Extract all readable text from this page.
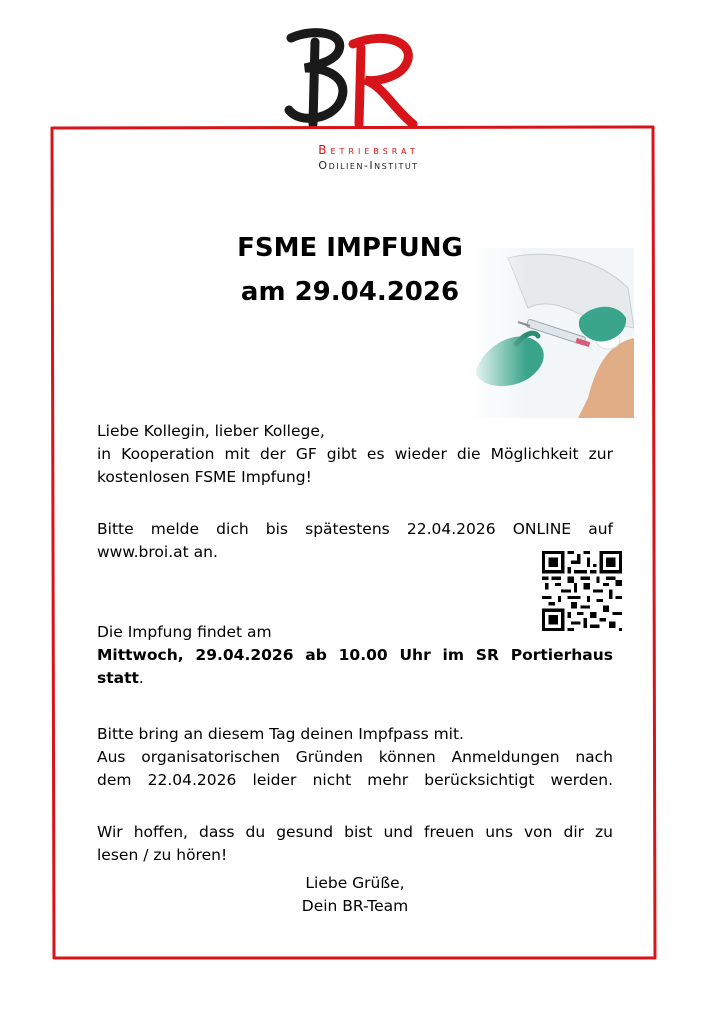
Betriebsrat
Odilien-Institut
FSME IMPFUNG
am 29.04.2026
Liebe Kollegin, lieber Kollege,
in Kooperation mit der GF gibt es wieder die Möglichkeit zur
kostenlosen FSME Impfung!
Bitte melde dich bis spätestens 22.04.2026 ONLINE auf
www.broi.at an.
Die Impfung findet am
Mittwoch, 29.04.2026 ab 10.00 Uhr im SR Portierhaus
statt.
Bitte bring an diesem Tag deinen Impfpass mit.
Aus organisatorischen Gründen können Anmeldungen nach
dem 22.04.2026 leider nicht mehr berücksichtigt werden.
Wir hoffen, dass du gesund bist und freuen uns von dir zu
lesen / zu hören!
Liebe Grüße,
Dein BR-Team
